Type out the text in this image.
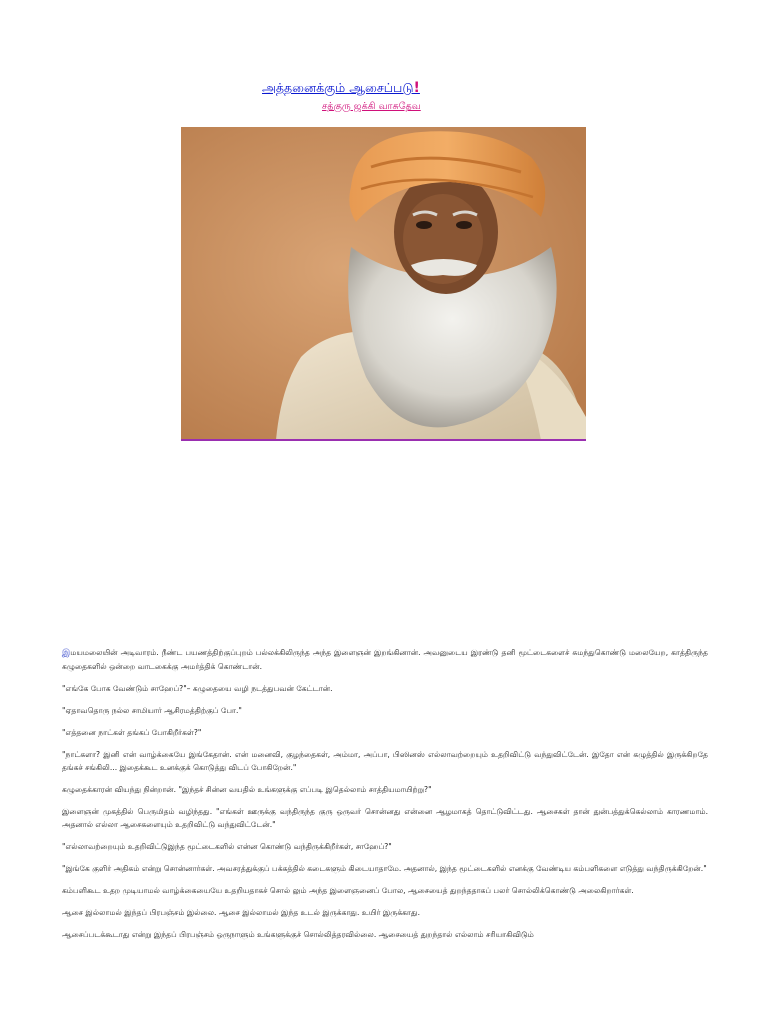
அத்தனைக்கும் ஆசைப்படு!
சத்குரு ஜக்கி வாசுதேவ

இமயமலையின் அடிவாரம். நீண்ட பயணத்திற்குப்புறம் பல்லக்கிலிருந்த அந்த இளைஞன் இறங்கினான். அவனுடைய இரண்டு தனி மூட்டைகளைச் சுமந்துகொண்டு மலையேற, காத்திருந்த கழுதைகளில் ஒன்றை வாடகைக்கு அமர்த்திக் கொண்டான்.

"எங்கே போக வேண்டும் சாஹேப்?"– கழுதையை வழி நடத்துபவன் கேட்டான்.

"ஏதாவதொரு நல்ல சாமியார் ஆசிரமத்திற்குப் போ."

"எத்தனை நாட்கள் தங்கப் போகிறீர்கள்?"

"நாட்களா? இனி என் வாழ்க்கையே இங்கேதான். என் மனைவி, குழந்தைகள், அம்மா, அப்பா, பிஸினஸ் எல்லாவற்றையும் உதறிவிட்டு வந்துவிட்டேன். இதோ என் கழுத்தில் இருக்கிறதே தங்கச் சங்கிலி... இதைக்கூட உனக்குக் கொடுத்து விடப் போகிறேன்."

கழுதைக்காரன் வியந்து நின்றான். "இந்தச் சின்ன வயதில் உங்களுக்கு எப்படி இதெல்லாம் சாத்தியமாயிற்று?"

இளைஞன் முகத்தில் பெருமிதம் வழிந்தது. "எங்கள் ஊருக்கு வந்திருந்த குரு ஒருவர் சொன்னது என்னை ஆழமாகத் தொட்டுவிட்டது. ஆசைகள் தான் துன்பத்துக்கெல்லாம் காரணமாம். அதனால் எல்லா ஆசைகளையும் உதறிவிட்டு வந்துவிட்டேன்."

"எல்லாவற்றையும் உதறிவிட்டுஇந்த மூட்டைகளில் என்ன கொண்டு வந்திருக்கிறீர்கள், சாஹேப்?"

"இங்கே குளிர் அதிகம் என்று சொன்னார்கள். அவசரத்துக்குப் பக்கத்தில் கடைகளும் கிடையாதாமே. அதனால், இந்த மூட்டைகளில் எனக்கு வேண்டிய கம்பளிகளை எடுத்து வந்திருக்கிறேன்."

கம்பளிகூட உதற முடியாமல் வாழ்க்கையையே உதறியதாகச் சொல் லும் அந்த இளைஞனைப் போல, ஆசையைத் துறந்ததாகப் பலர் சொல்லிக்கொண்டு அலைகிறார்கள்.

ஆசை இல்லாமல் இந்தப் பிரபஞ்சம் இல்லை. ஆசை இல்லாமல் இந்த உடல் இருக்காது. உயிர் இருக்காது.

ஆசைப்படக்கூடாது என்று இந்தப் பிரபஞ்சம் ஒருநாளும் உங்களுக்குச் சொல்லித்தரவில்லை. ஆசையைத் துறந்தால் எல்லாம் சரியாகிவிடும்
